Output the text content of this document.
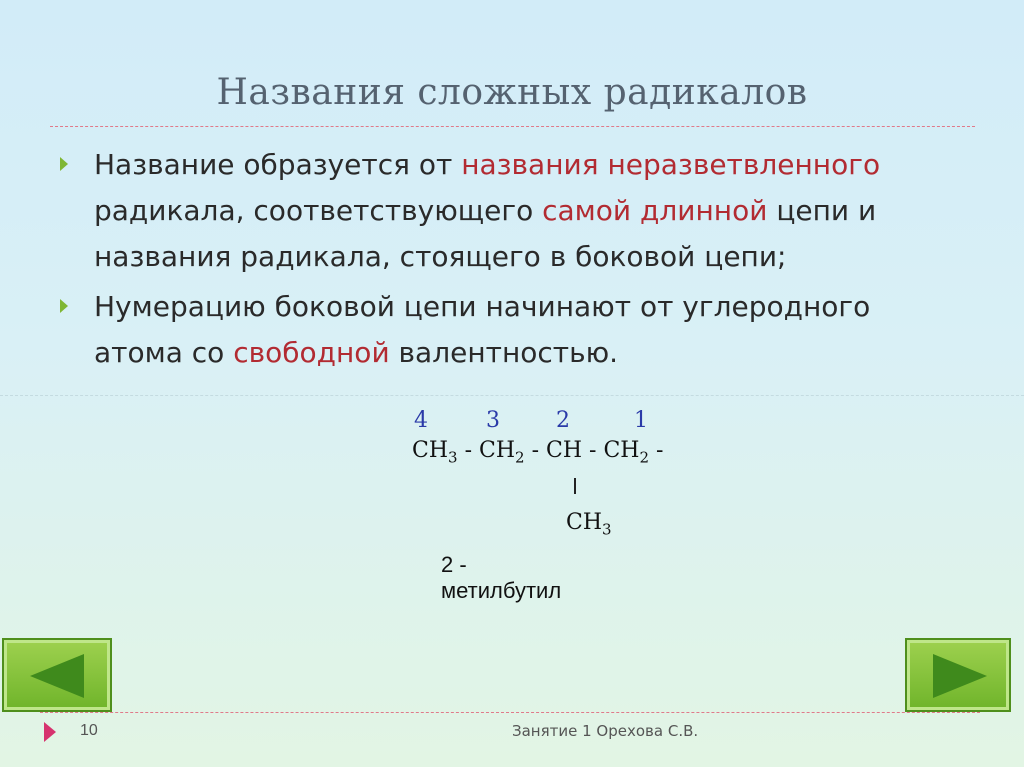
Названия сложных радикалов
Название образуется от названия неразветвленного радикала, соответствующего самой длинной цепи и названия радикала, стоящего в боковой цепи;
Нумерацию боковой цепи начинают от углеродного атома со свободной валентностью.
4	3	2	1
$CH_3 - CH_2$ - CH - $CH_2$ -
$CH_3$
2 - метилбутил
10	Занятие 1 Орехова С.В.
